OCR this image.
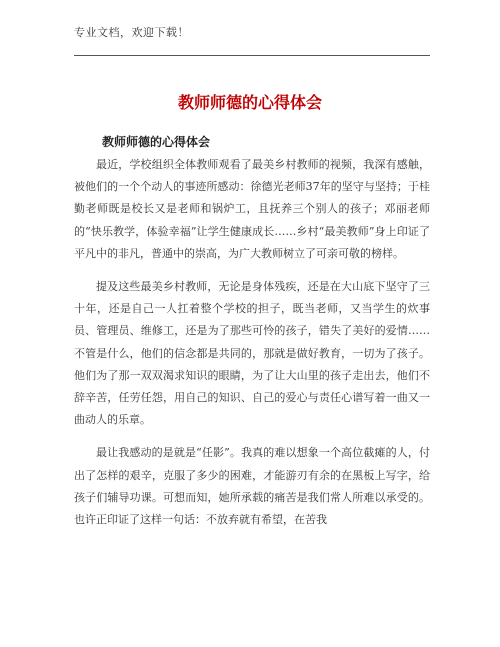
专业文档，欢迎下载！
教师师德的心得体会
教师师德的心得体会

最近，学校组织全体教师观看了最美乡村教师的视频，我深有感触，被他们的一个个动人的事迹所感动：徐德光老师37年的坚守与坚持；于桂勤老师既是校长又是老师和锅炉工，且抚养三个别人的孩子；邓丽老师的“快乐教学，体验幸福”让学生健康成长……乡村“最美教师”身上印证了平凡中的非凡，普通中的崇高，为广大教师树立了可亲可敬的榜样。

提及这些最美乡村教师，无论是身体残疾，还是在大山底下坚守了三十年，还是自己一人扛着整个学校的担子，既当老师，又当学生的炊事员、管理员、维修工，还是为了那些可怜的孩子，错失了美好的爱情……不管是什么，他们的信念都是共同的，那就是做好教育，一切为了孩子。他们为了那一双双渴求知识的眼睛，为了让大山里的孩子走出去，他们不辞辛苦，任劳任怨，用自己的知识、自己的爱心与责任心谱写着一曲又一曲动人的乐章。

最让我感动的是就是“任影”。我真的难以想象一个高位截瘫的人，付出了怎样的艰辛，克服了多少的困难，才能游刃有余的在黑板上写字，给孩子们辅导功课。可想而知，她所承载的痛苦是我们常人所难以承受的。也许正印证了这样一句话：不放弃就有希望，在苦我
